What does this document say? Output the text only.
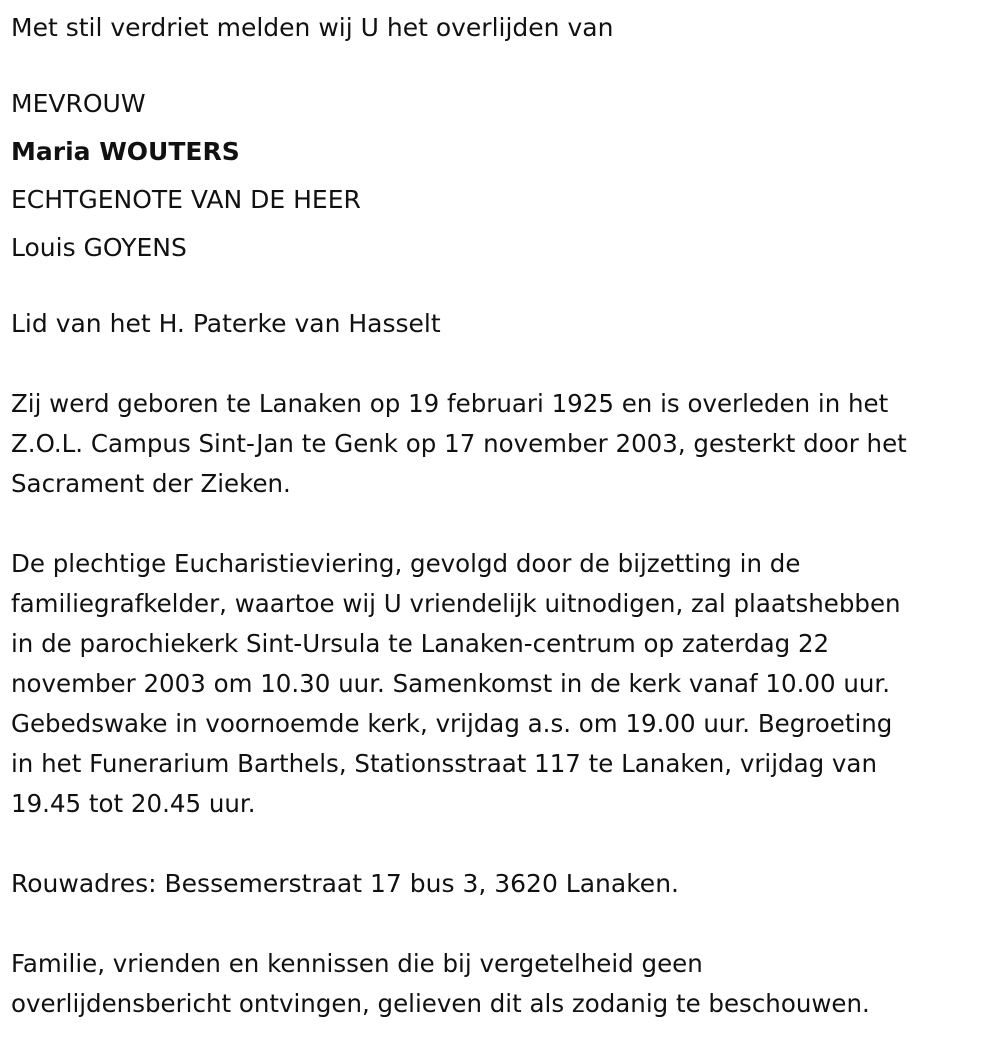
Met stil verdriet melden wij U het overlijden van

MEVROUW

Maria WOUTERS

ECHTGENOTE VAN DE HEER

Louis GOYENS

Lid van het H. Paterke van Hasselt

Zij werd geboren te Lanaken op 19 februari 1925 en is overleden in het
Z.O.L. Campus Sint-Jan te Genk op 17 november 2003, gesterkt door het
Sacrament der Zieken.
De plechtige Eucharistieviering, gevolgd door de bijzetting in de
familiegrafkelder, waartoe wij U vriendelijk uitnodigen, zal plaatshebben
in de parochiekerk Sint-Ursula te Lanaken-centrum op zaterdag 22
november 2003 om 10.30 uur. Samenkomst in de kerk vanaf 10.00 uur.
Gebedswake in voornoemde kerk, vrijdag a.s. om 19.00 uur. Begroeting
in het Funerarium Barthels, Stationsstraat 117 te Lanaken, vrijdag van
19.45 tot 20.45 uur.

Rouwadres: Bessemerstraat 17 bus 3, 3620 Lanaken.

Familie, vrienden en kennissen die bij vergetelheid geen
overlijdensbericht ontvingen, gelieven dit als zodanig te beschouwen.
